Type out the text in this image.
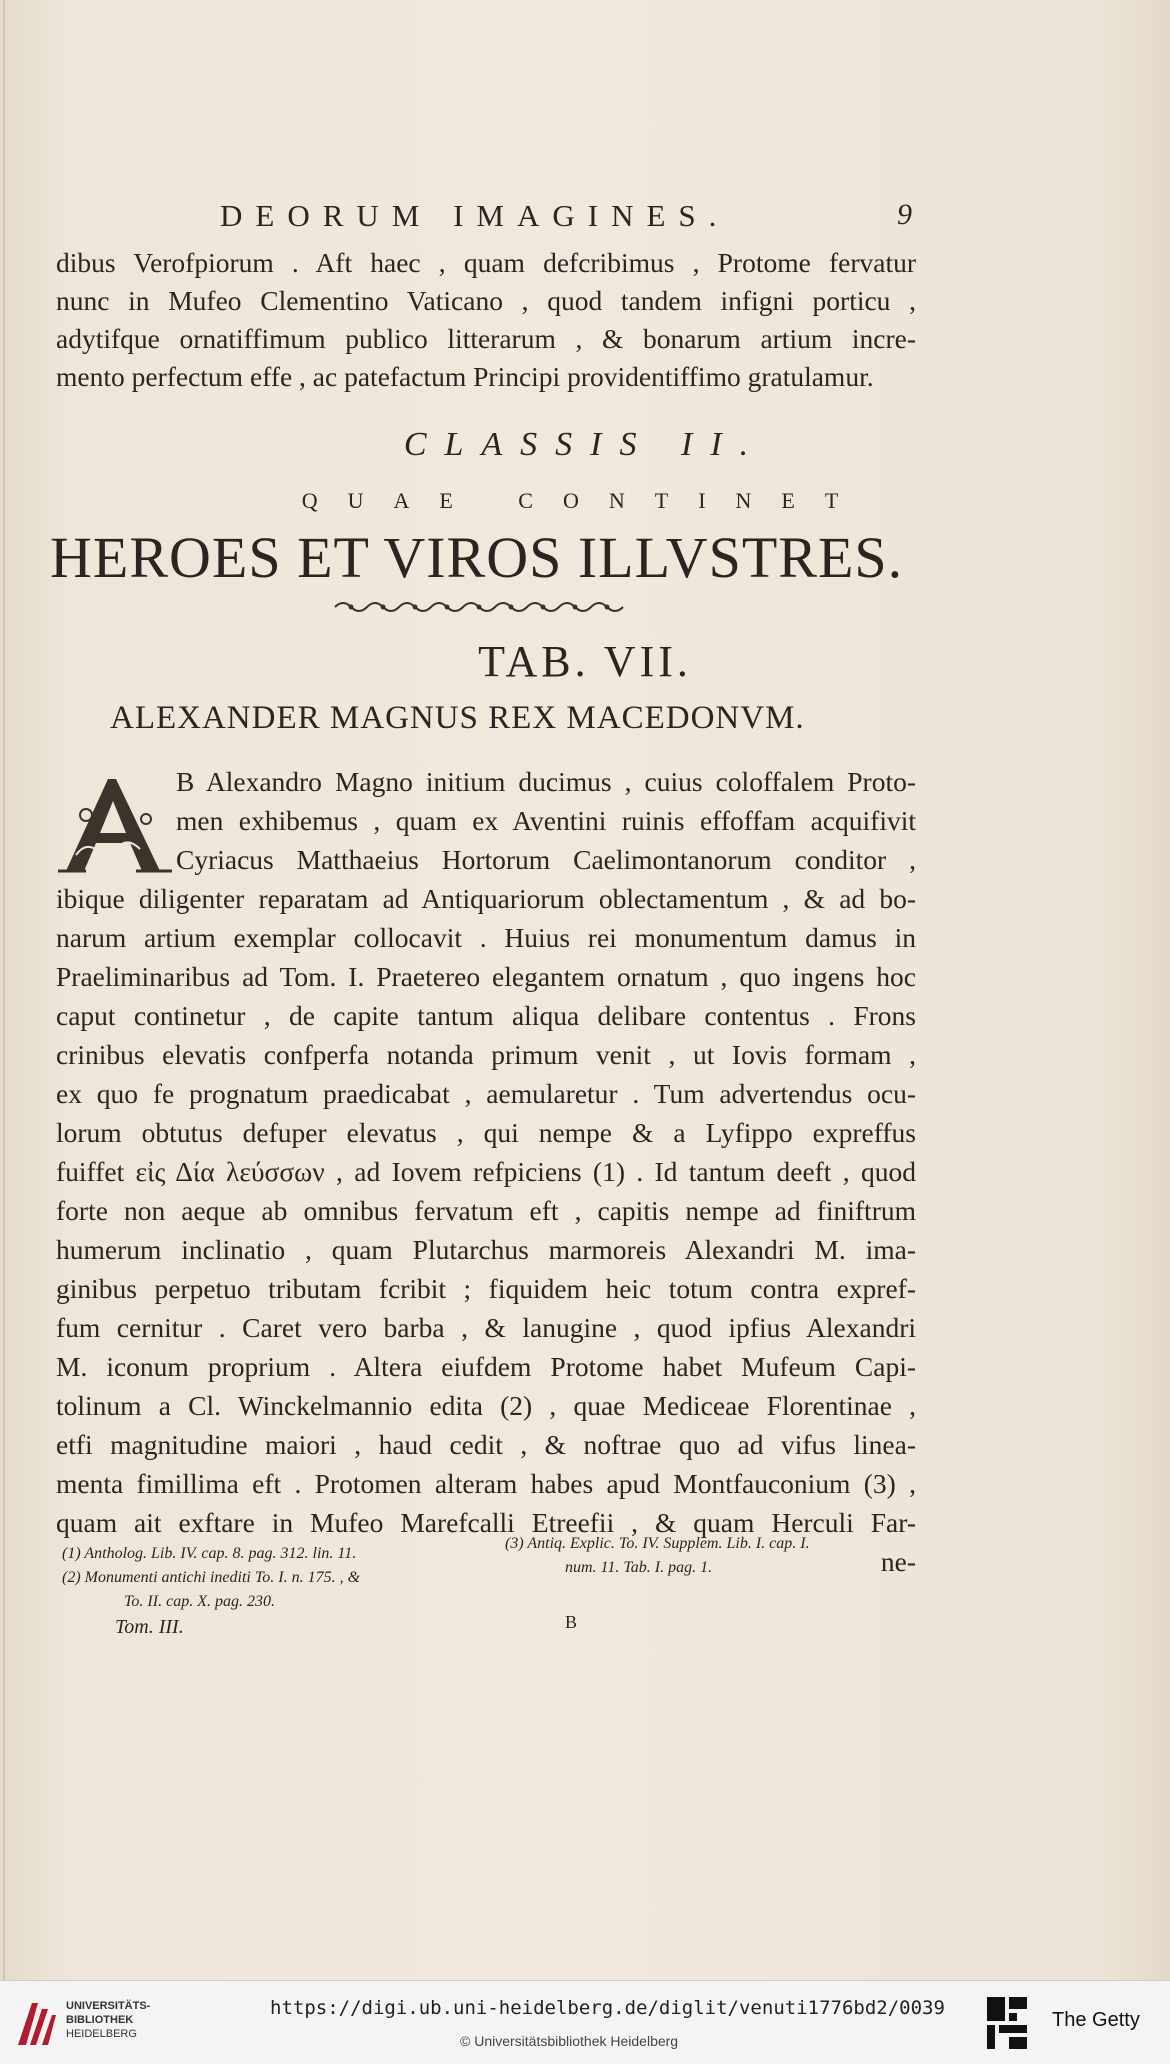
DEORUM IMAGINES.	9
dibus Verofpiorum . Aft haec , quam defcribimus , Protome fervatur
nunc in Mufeo Clementino Vaticano , quod tandem infigni porticu ,
adytifque ornatiffimum publico litterarum , & bonarum artium incre-
mento perfectum effe , ac patefactum Principi providentiffimo gratulamur.
CLASSIS II.
QUAE CONTINET
HEROES ET VIROS ILLVSTRES.
TAB. VII.
ALEXANDER MAGNUS REX MACEDONVM.
B Alexandro Magno initium ducimus , cuius coloffalem Proto-
men exhibemus , quam ex Aventini ruinis effoffam acquifivit
Cyriacus Matthaeius Hortorum Caelimontanorum conditor ,
ibique diligenter reparatam ad Antiquariorum oblectamentum , & ad bo-
narum artium exemplar collocavit . Huius rei monumentum damus in
Praeliminaribus ad Tom. I. Praetereo elegantem ornatum , quo ingens hoc
caput continetur , de capite tantum aliqua delibare contentus . Frons
crinibus elevatis confperfa notanda primum venit , ut Iovis formam ,
ex quo fe prognatum praedicabat , aemularetur . Tum advertendus ocu-
lorum obtutus defuper elevatus , qui nempe & a Lyfippo expreffus
fuiffet εἰς Δία λεύσσων , ad Iovem refpiciens (1) . Id tantum deeft , quod
forte non aeque ab omnibus fervatum eft , capitis nempe ad finiftrum
humerum inclinatio , quam Plutarchus marmoreis Alexandri M. ima-
ginibus perpetuo tributam fcribit ; fiquidem heic totum contra expref-
fum cernitur . Caret vero barba , & lanugine , quod ipfius Alexandri
M. iconum proprium . Altera eiufdem Protome habet Mufeum Capi-
tolinum a Cl. Winckelmannio edita (2) , quae Mediceae Florentinae ,
etfi magnitudine maiori , haud cedit , & noftrae quo ad vifus linea-
menta fimillima eft . Protomen alteram habes apud Montfauconium (3) ,
quam ait exftare in Mufeo Marefcalli Etreefii , & quam Herculi Far-
ne-
(1) Antholog. Lib. IV. cap. 8. pag. 312. lin. 11.
(2) Monumenti antichi inediti To. I. n. 175. , &
To. II. cap. X. pag. 230.
(3) Antiq. Explic. To. IV. Supplem. Lib. I. cap. I.
num. 11. Tab. I. pag. 1.
Tom. III.	B
UNIVERSITÄTS-
BIBLIOTHEK
HEIDELBERG
https://digi.ub.uni-heidelberg.de/diglit/venuti1776bd2/0039
© Universitätsbibliothek Heidelberg
The Getty
